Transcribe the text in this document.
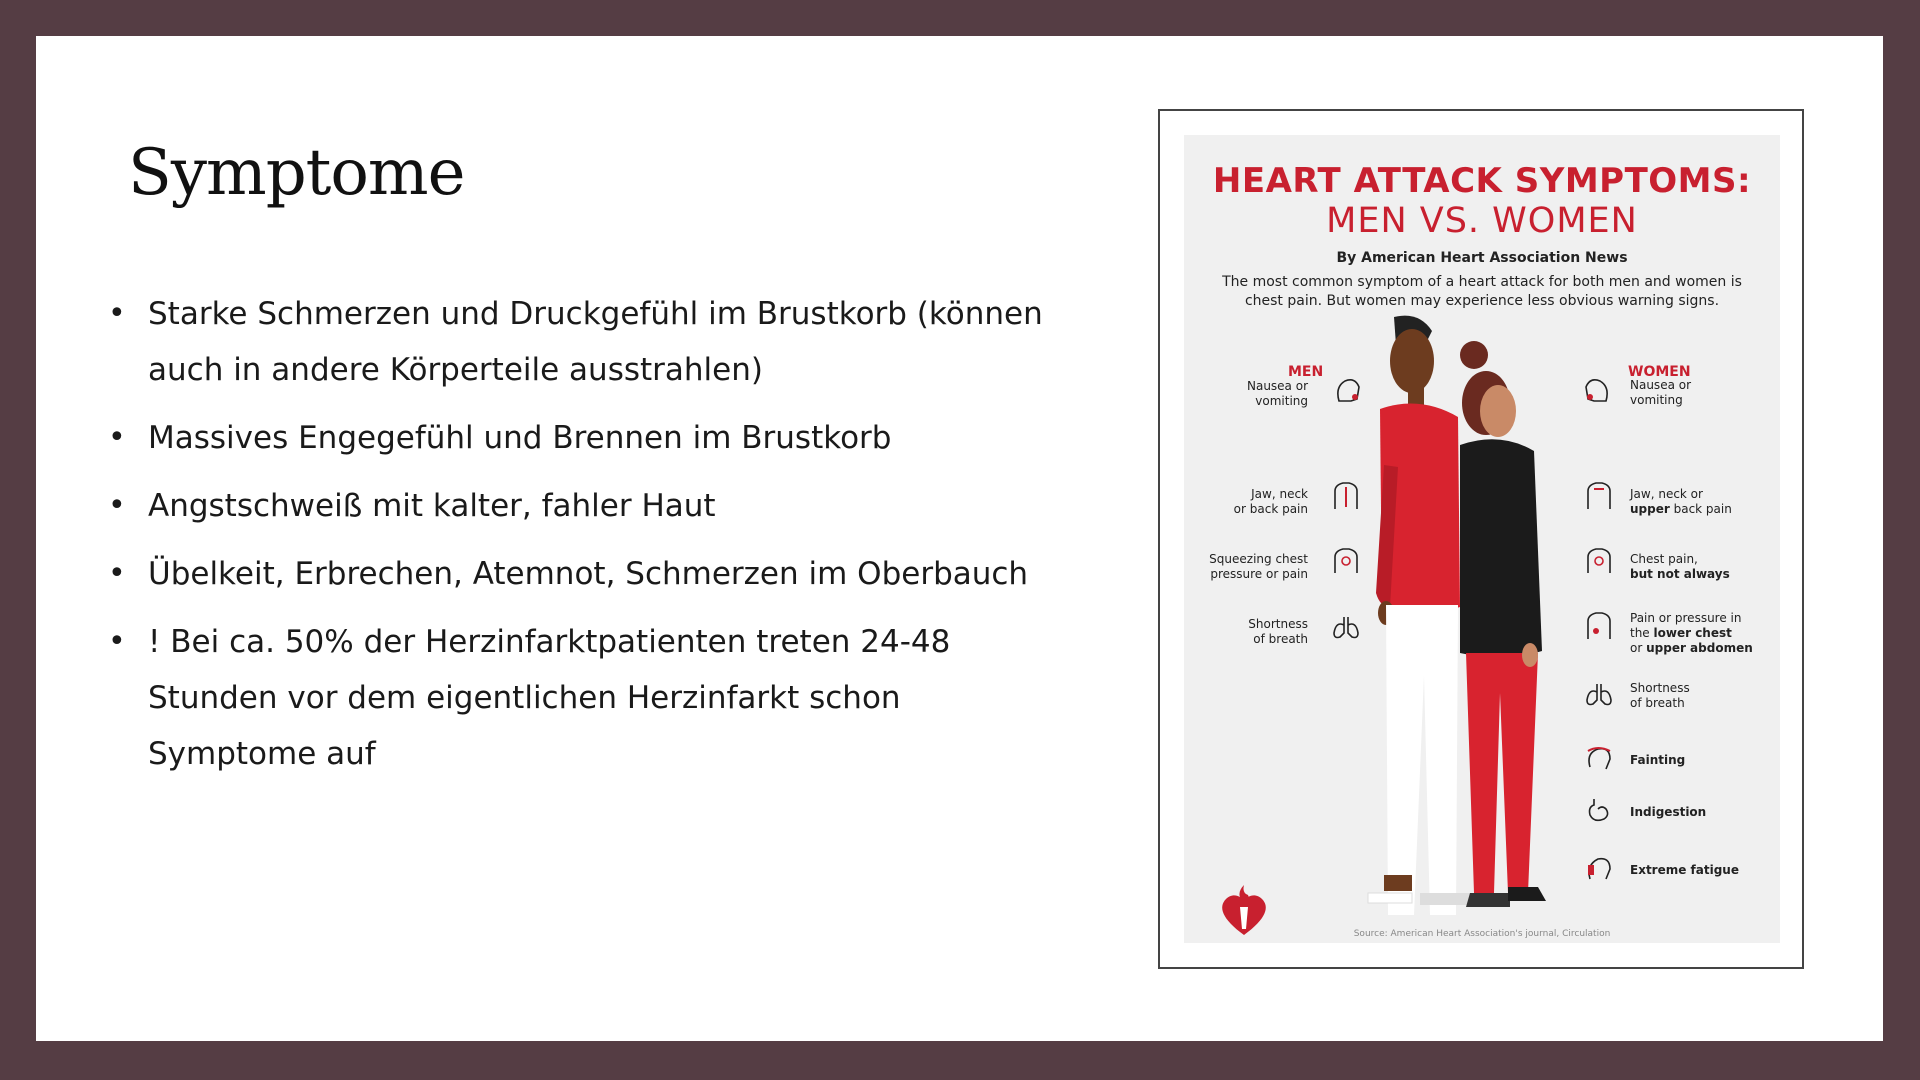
Symptome
• Starke Schmerzen und Druckgefühl im Brustkorb (können auch in andere Körperteile ausstrahlen)
• Massives Engegefühl und Brennen im Brustkorb
• Angstschweiß mit kalter, fahler Haut
• Übelkeit, Erbrechen, Atemnot, Schmerzen im Oberbauch
• ! Bei ca. 50% der Herzinfarktpatienten treten 24-48 Stunden vor dem eigentlichen Herzinfarkt schon Symptome auf
HEART ATTACK SYMPTOMS:
MEN VS. WOMEN
By American Heart Association News
The most common symptom of a heart attack for both men and women is chest pain. But women may experience less obvious warning signs.
MEN	WOMEN
Nausea or
vomiting
Jaw, neck
or back pain
Squeezing chest
pressure or pain
Shortness
of breath
Nausea or
vomiting
Jaw, neck or
upper back pain
Chest pain,
but not always
Pain or pressure in
the lower chest
or upper abdomen
Shortness
of breath
Fainting
Indigestion
Extreme fatigue
Source: American Heart Association's journal, Circulation
